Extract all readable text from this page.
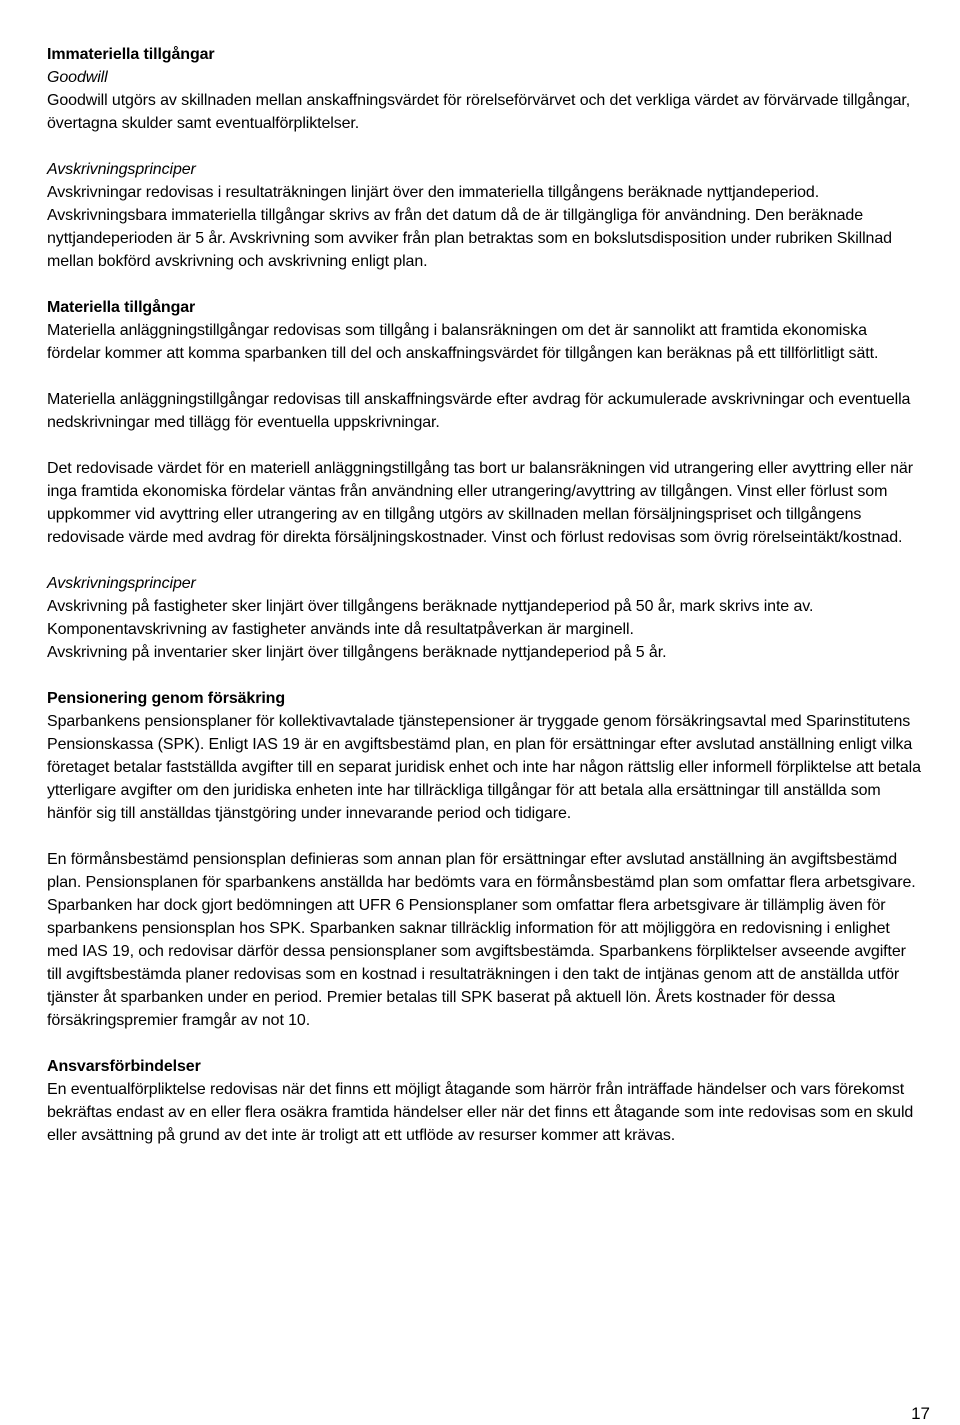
Immateriella tillgångar
Goodwill
Goodwill utgörs av skillnaden mellan anskaffningsvärdet för rörelseförvärvet och det verkliga värdet av förvärvade tillgångar, övertagna skulder samt eventualförpliktelser.
Avskrivningsprinciper
Avskrivningar redovisas i resultaträkningen linjärt över den immateriella tillgångens beräknade nyttjandeperiod. Avskrivningsbara immateriella tillgångar skrivs av från det datum då de är tillgängliga för användning. Den beräknade nyttjandeperioden är 5 år. Avskrivning som avviker från plan betraktas som en bokslutsdisposition under rubriken Skillnad mellan bokförd avskrivning och avskrivning enligt plan.
Materiella tillgångar
Materiella anläggningstillgångar redovisas som tillgång i balansräkningen om det är sannolikt att framtida ekonomiska fördelar kommer att komma sparbanken till del och anskaffningsvärdet för tillgången kan beräknas på ett tillförlitligt sätt.
Materiella anläggningstillgångar redovisas till anskaffningsvärde efter avdrag för ackumulerade avskrivningar och eventuella nedskrivningar med tillägg för eventuella uppskrivningar.
Det redovisade värdet för en materiell anläggningstillgång tas bort ur balansräkningen vid utrangering eller avyttring eller när inga framtida ekonomiska fördelar väntas från användning eller utrangering/avyttring av tillgången. Vinst eller förlust som uppkommer vid avyttring eller utrangering av en tillgång utgörs av skillnaden mellan försäljningspriset och tillgångens redovisade värde med avdrag för direkta försäljningskostnader. Vinst och förlust redovisas som övrig rörelseintäkt/kostnad.
Avskrivningsprinciper
Avskrivning på fastigheter sker linjärt över tillgångens beräknade nyttjandeperiod på 50 år, mark skrivs inte av.
Komponentavskrivning av fastigheter används inte då resultatpåverkan är marginell.
Avskrivning på inventarier sker linjärt över tillgångens beräknade nyttjandeperiod på 5 år.
Pensionering genom försäkring
Sparbankens pensionsplaner för kollektivavtalade tjänstepensioner är tryggade genom försäkringsavtal med Sparinstitutens Pensionskassa (SPK). Enligt IAS 19 är en avgiftsbestämd plan, en plan för ersättningar efter avslutad anställning enligt vilka företaget betalar fastställda avgifter till en separat juridisk enhet och inte har någon rättslig eller informell förpliktelse att betala ytterligare avgifter om den juridiska enheten inte har tillräckliga tillgångar för att betala alla ersättningar till anställda som hänför sig till anställdas tjänstgöring under innevarande period och tidigare.
En förmånsbestämd pensionsplan definieras som annan plan för ersättningar efter avslutad anställning än avgiftsbestämd plan. Pensionsplanen för sparbankens anställda har bedömts vara en förmånsbestämd plan som omfattar flera arbetsgivare. Sparbanken har dock gjort bedömningen att UFR 6 Pensionsplaner som omfattar flera arbetsgivare är tillämplig även för sparbankens pensionsplan hos SPK. Sparbanken saknar tillräcklig information för att möjliggöra en redovisning i enlighet med IAS 19, och redovisar därför dessa pensionsplaner som avgiftsbestämda. Sparbankens förpliktelser avseende avgifter till avgiftsbestämda planer redovisas som en kostnad i resultaträkningen i den takt de intjänas genom att de anställda utför tjänster åt sparbanken under en period. Premier betalas till SPK baserat på aktuell lön. Årets kostnader för dessa försäkringspremier framgår av not 10.
Ansvarsförbindelser
En eventualförpliktelse redovisas när det finns ett möjligt åtagande som härrör från inträffade händelser och vars förekomst bekräftas endast av en eller flera osäkra framtida händelser eller när det finns ett åtagande som inte redovisas som en skuld eller avsättning på grund av det inte är troligt att ett utflöde av resurser kommer att krävas.
17
